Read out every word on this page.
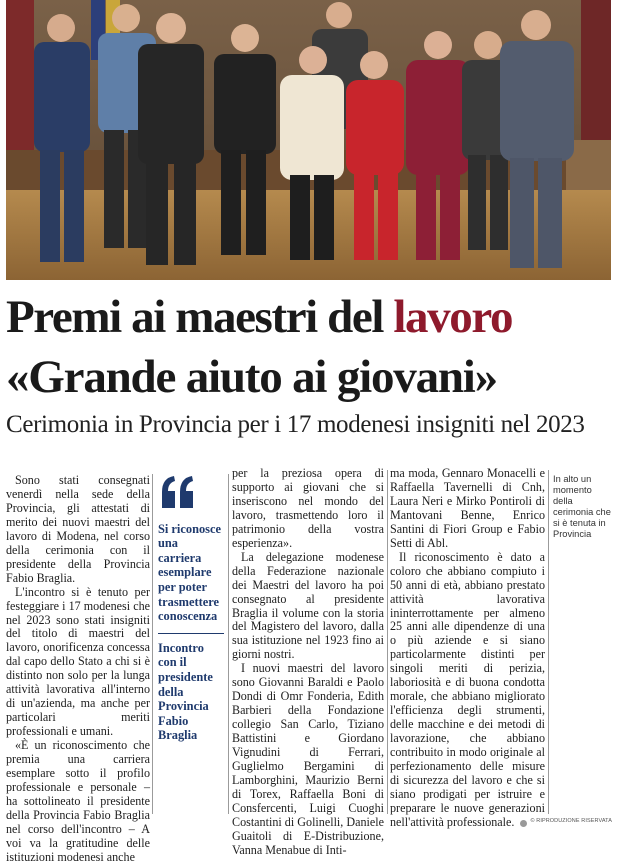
Premi ai maestri del lavoro
«Grande aiuto ai giovani»
Cerimonia in Provincia per i 17 modenesi insigniti nel 2023

Sono stati consegnati venerdì nella sede della Provincia, gli attestati di merito dei nuovi maestri del lavoro di Modena, nel corso della cerimonia con il presidente della Provincia Fabio Braglia.

L'incontro si è tenuto per festeggiare i 17 modenesi che nel 2023 sono stati insigniti del titolo di maestri del lavoro, onorificenza concessa dal capo dello Stato a chi si è distinto non solo per la lunga attività lavorativa all'interno di un'azienda, ma anche per particolari meriti professionali e umani.

«È un riconoscimento che premia una carriera esemplare sotto il profilo professionale e personale – ha sottolineato il presidente della Provincia Fabio Braglia nel corso dell'incontro – A voi va la gratitudine delle istituzioni modenesi anche

Si riconosce una carriera esemplare per poter trasmettere conoscenza

Incontro con il presidente della Provincia Fabio Braglia

per la preziosa opera di supporto ai giovani che si inseriscono nel mondo del lavoro, trasmettendo loro il patrimonio della vostra esperienza».

La delegazione modenese della Federazione nazionale dei Maestri del lavoro ha poi consegnato al presidente Braglia il volume con la storia del Magistero del lavoro, dalla sua istituzione nel 1923 fino ai giorni nostri.

I nuovi maestri del lavoro sono Giovanni Baraldi e Paolo Dondi di Omr Fonderia, Edith Barbieri della Fondazione collegio San Carlo, Tiziano Battistini e Giordano Vignudini di Ferrari, Guglielmo Bergamini di Lamborghini, Maurizio Berni di Torex, Raffaella Boni di Consfercenti, Luigi Cuoghi Costantini di Golinelli, Daniele Guaitoli di E-Distribuzione, Vanna Menabue di Inti-

ma moda, Gennaro Monacelli e Raffaella Tavernelli di Cnh, Laura Neri e Mirko Pontiroli di Mantovani Benne, Enrico Santini di Fiori Group e Fabio Setti di Abl.

Il riconoscimento è dato a coloro che abbiano compiuto i 50 anni di età, abbiano prestato attività lavorativa ininterrottamente per almeno 25 anni alle dipendenze di una o più aziende e si siano particolarmente distinti per singoli meriti di perizia, laboriosità e di buona condotta morale, che abbiano migliorato l'efficienza degli strumenti, delle macchine e dei metodi di lavorazione, che abbiano contribuito in modo originale al perfezionamento delle misure di sicurezza del lavoro e che si siano prodigati per istruire e preparare le nuove generazioni nell'attività professionale.

In alto un momento della cerimonia che si è tenuta in Provincia
© RIPRODUZIONE RISERVATA
